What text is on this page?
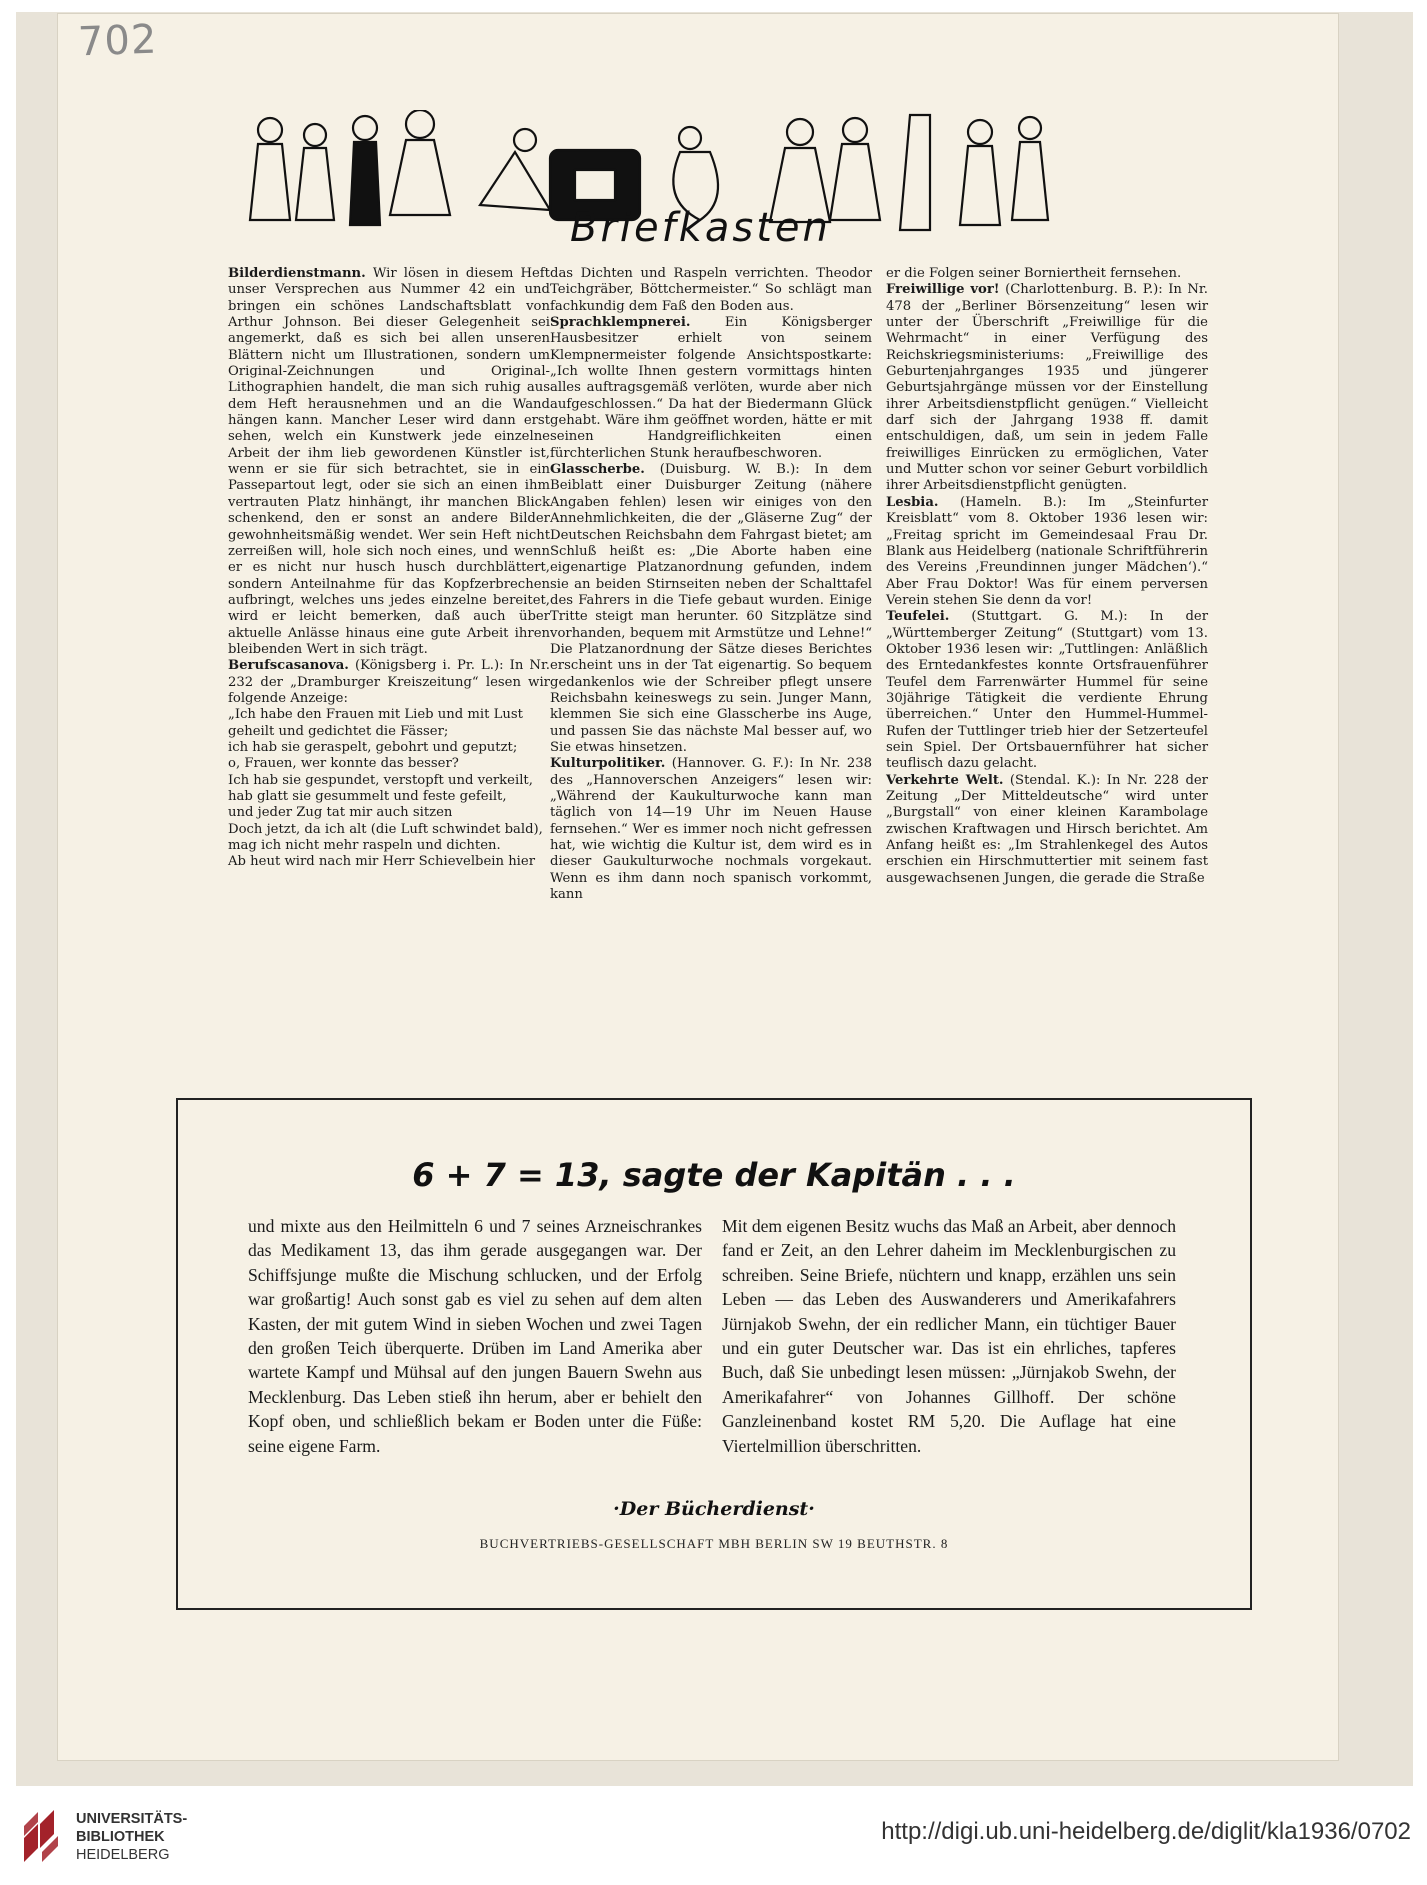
702
Briefkasten

Bilderdienstmann. Wir lösen in diesem Heft unser Versprechen aus Nummer 42 ein und bringen ein schönes Landschaftsblatt von Arthur Johnson. Bei dieser Gelegenheit sei angemerkt, daß es sich bei allen unseren Blättern nicht um Illustrationen, sondern um Original-Zeichnungen und Original-Lithographien handelt, die man sich ruhig aus dem Heft herausnehmen und an die Wand hängen kann. Mancher Leser wird dann erst sehen, welch ein Kunstwerk jede einzelne Arbeit der ihm lieb gewordenen Künstler ist, wenn er sie für sich betrachtet, sie in ein Passepartout legt, oder sie sich an einen ihm vertrauten Platz hinhängt, ihr manchen Blick schenkend, den er sonst an andere Bilder gewohnheitsmäßig wendet. Wer sein Heft nicht zerreißen will, hole sich noch eines, und wenn er es nicht nur husch husch durchblättert, sondern Anteilnahme für das Kopfzerbrechen aufbringt, welches uns jedes einzelne bereitet, wird er leicht bemerken, daß auch über aktuelle Anlässe hinaus eine gute Arbeit ihren bleibenden Wert in sich trägt.

Berufscasanova. (Königsberg i. Pr. L.): In Nr. 232 der „Dramburger Kreiszeitung“ lesen wir folgende Anzeige:

„Ich habe den Frauen mit Lieb und mit Lust
geheilt und gedichtet die Fässer;
ich hab sie geraspelt, gebohrt und geputzt;
o, Frauen, wer konnte das besser?
Ich hab sie gespundet, verstopft und verkeilt,
hab glatt sie gesummelt und feste gefeilt,
und jeder Zug tat mir auch sitzen
Doch jetzt, da ich alt (die Luft schwindet bald),
mag ich nicht mehr raspeln und dichten.
Ab heut wird nach mir Herr Schievelbein hier

das Dichten und Raspeln verrichten. Theodor Teichgräber, Böttchermeister.“ So schlägt man fachkundig dem Faß den Boden aus.

Sprachklempnerei.	Ein Königsberger Hausbesitzer erhielt von seinem Klempnermeister folgende Ansichtspostkarte: „Ich wollte Ihnen gestern vormittags hinten alles auftragsgemäß verlöten, wurde aber nich aufgeschlossen.“ Da hat der Biedermann Glück gehabt. Wäre ihm geöffnet worden, hätte er mit seinen Handgreiflichkeiten einen fürchterlichen Stunk heraufbeschworen.

Glasscherbe. (Duisburg. W. B.): In dem Beiblatt einer Duisburger Zeitung (nähere Angaben fehlen) lesen wir einiges von den Annehmlichkeiten, die der „Gläserne Zug“ der Deutschen Reichsbahn dem Fahrgast bietet; am Schluß heißt es: „Die Aborte haben eine eigenartige Platzanordnung gefunden, indem sie an beiden Stirnseiten neben der Schalttafel des Fahrers in die Tiefe gebaut wurden. Einige Tritte steigt man herunter. 60 Sitzplätze sind vorhanden, bequem mit Armstütze und Lehne!“ Die Platzanordnung der Sätze dieses Berichtes erscheint uns in der Tat eigenartig. So bequem gedankenlos wie der Schreiber pflegt unsere Reichsbahn keineswegs zu sein. Junger Mann, klemmen Sie sich eine Glasscherbe ins Auge, und passen Sie das nächste Mal besser auf, wo Sie etwas hinsetzen.

Kulturpolitiker. (Hannover. G. F.): In Nr. 238 des „Hannoverschen Anzeigers“ lesen wir: „Während der Kaukulturwoche kann man täglich von 14—19 Uhr im Neuen Hause fernsehen.“ Wer es immer noch nicht gefressen hat, wie wichtig die Kultur ist, dem wird es in dieser Gaukulturwoche nochmals vorgekaut. Wenn es ihm dann noch spanisch vorkommt, kann

er die Folgen seiner Borniertheit fernsehen.

Freiwillige vor! (Charlottenburg. B. P.): In Nr. 478 der „Berliner Börsenzeitung“ lesen wir unter der Überschrift „Freiwillige für die Wehrmacht“ in einer Verfügung des Reichskriegsministeriums: „Freiwillige des Geburtenjahrganges 1935 und jüngerer Geburtsjahrgänge müssen vor der Einstellung ihrer Arbeitsdienstpflicht genügen.“ Vielleicht darf sich der Jahrgang 1938 ff. damit entschuldigen, daß, um sein in jedem Falle freiwilliges Einrücken zu ermöglichen, Vater und Mutter schon vor seiner Geburt vorbildlich ihrer Arbeitsdienstpflicht genügten.

Lesbia. (Hameln. B.): Im „Steinfurter Kreisblatt“ vom 8. Oktober 1936 lesen wir: „Freitag spricht im Gemeindesaal Frau Dr. Blank aus Heidelberg (nationale Schriftführerin des Vereins ‚Freundinnen junger Mädchen‘).“ Aber Frau Doktor! Was für einem perversen Verein stehen Sie denn da vor!

Teufelei. (Stuttgart. G. M.): In der „Württemberger Zeitung“ (Stuttgart) vom 13. Oktober 1936 lesen wir: „Tuttlingen: Anläßlich des Erntedankfestes konnte Ortsfrauenführer Teufel dem Farrenwärter Hummel für seine 30jährige Tätigkeit die verdiente Ehrung überreichen.“ Unter den Hummel-Hummel-Rufen der Tuttlinger trieb hier der Setzerteufel sein Spiel. Der Ortsbauernführer hat sicher teuflisch dazu gelacht.

Verkehrte Welt. (Stendal. K.): In Nr. 228 der Zeitung „Der Mitteldeutsche“ wird unter „Burgstall“ von einer kleinen Karambolage zwischen Kraftwagen und Hirsch berichtet. Am Anfang heißt es: „Im Strahlenkegel des Autos erschien ein Hirschmuttertier mit seinem fast ausgewachsenen Jungen, die gerade die Straße

6 + 7 = 13, sagte der Kapitän . . .

und mixte aus den Heilmitteln 6 und 7 seines Arzneischrankes das Medikament 13, das ihm gerade ausgegangen war. Der Schiffsjunge mußte die Mischung schlucken, und der Erfolg war großartig! Auch sonst gab es viel zu sehen auf dem alten Kasten, der mit gutem Wind in sieben Wochen und zwei Tagen den großen Teich überquerte. Drüben im Land Amerika aber wartete Kampf und Mühsal auf den jungen Bauern Swehn aus Mecklenburg. Das Leben stieß ihn herum, aber er behielt den Kopf oben, und schließlich bekam er Boden unter die Füße: seine eigene Farm.

Mit dem eigenen Besitz wuchs das Maß an Arbeit, aber dennoch fand er Zeit, an den Lehrer daheim im Mecklenburgischen zu schreiben. Seine Briefe, nüchtern und knapp, erzählen uns sein Leben — das Leben des Auswanderers und Amerikafahrers Jürnjakob Swehn, der ein redlicher Mann, ein tüchtiger Bauer und ein guter Deutscher war. Das ist ein ehrliches, tapferes Buch, daß Sie unbedingt lesen müssen: „Jürnjakob Swehn, der Amerikafahrer“ von Johannes Gillhoff. Der schöne Ganzleinenband kostet RM 5,20. Die Auflage hat eine Viertelmillion überschritten.

·Der Bücherdienst·
BUCHVERTRIEBS-GESELLSCHAFT MBH BERLIN SW 19 BEUTHSTR. 8
UNIVERSITÄTS-
BIBLIOTHEK
HEIDELBERG
http://digi.ub.uni-heidelberg.de/diglit/kla1936/0702
